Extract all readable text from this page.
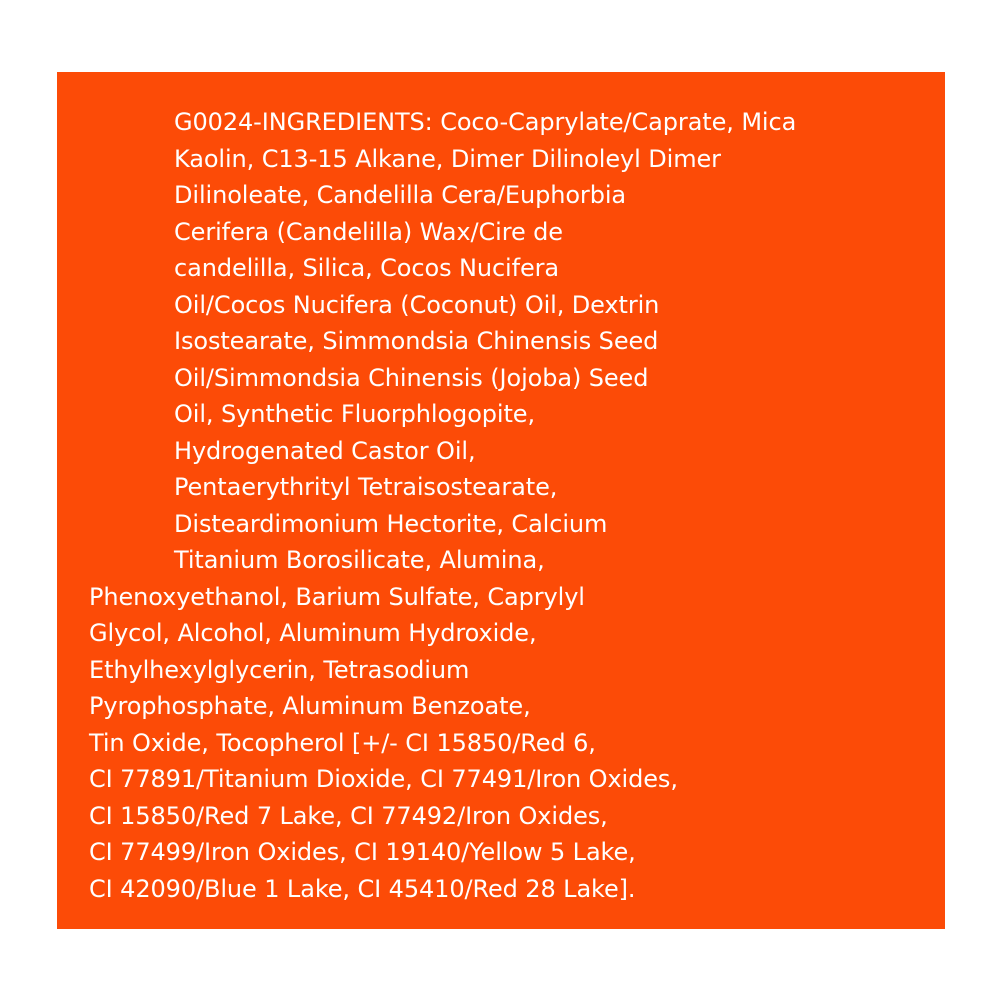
G0024-INGREDIENTS: Coco-Caprylate/Caprate, Mica
Kaolin, C13-15 Alkane, Dimer Dilinoleyl Dimer
Dilinoleate, Candelilla Cera/Euphorbia
Cerifera (Candelilla) Wax/Cire de
candelilla, Silica, Cocos Nucifera
Oil/Cocos Nucifera (Coconut) Oil, Dextrin
Isostearate, Simmondsia Chinensis Seed
Oil/Simmondsia Chinensis (Jojoba) Seed
Oil, Synthetic Fluorphlogopite,
Hydrogenated Castor Oil,
Pentaerythrityl Tetraisostearate,
Disteardimonium Hectorite, Calcium
Titanium Borosilicate, Alumina,
Phenoxyethanol, Barium Sulfate, Caprylyl
Glycol, Alcohol, Aluminum Hydroxide,
Ethylhexylglycerin, Tetrasodium
Pyrophosphate, Aluminum Benzoate,
Tin Oxide, Tocopherol [+/- CI 15850/Red 6,
CI 77891/Titanium Dioxide, CI 77491/Iron Oxides,
CI 15850/Red 7 Lake, CI 77492/Iron Oxides,
CI 77499/Iron Oxides, CI 19140/Yellow 5 Lake,
CI 42090/Blue 1 Lake, CI 45410/Red 28 Lake].
